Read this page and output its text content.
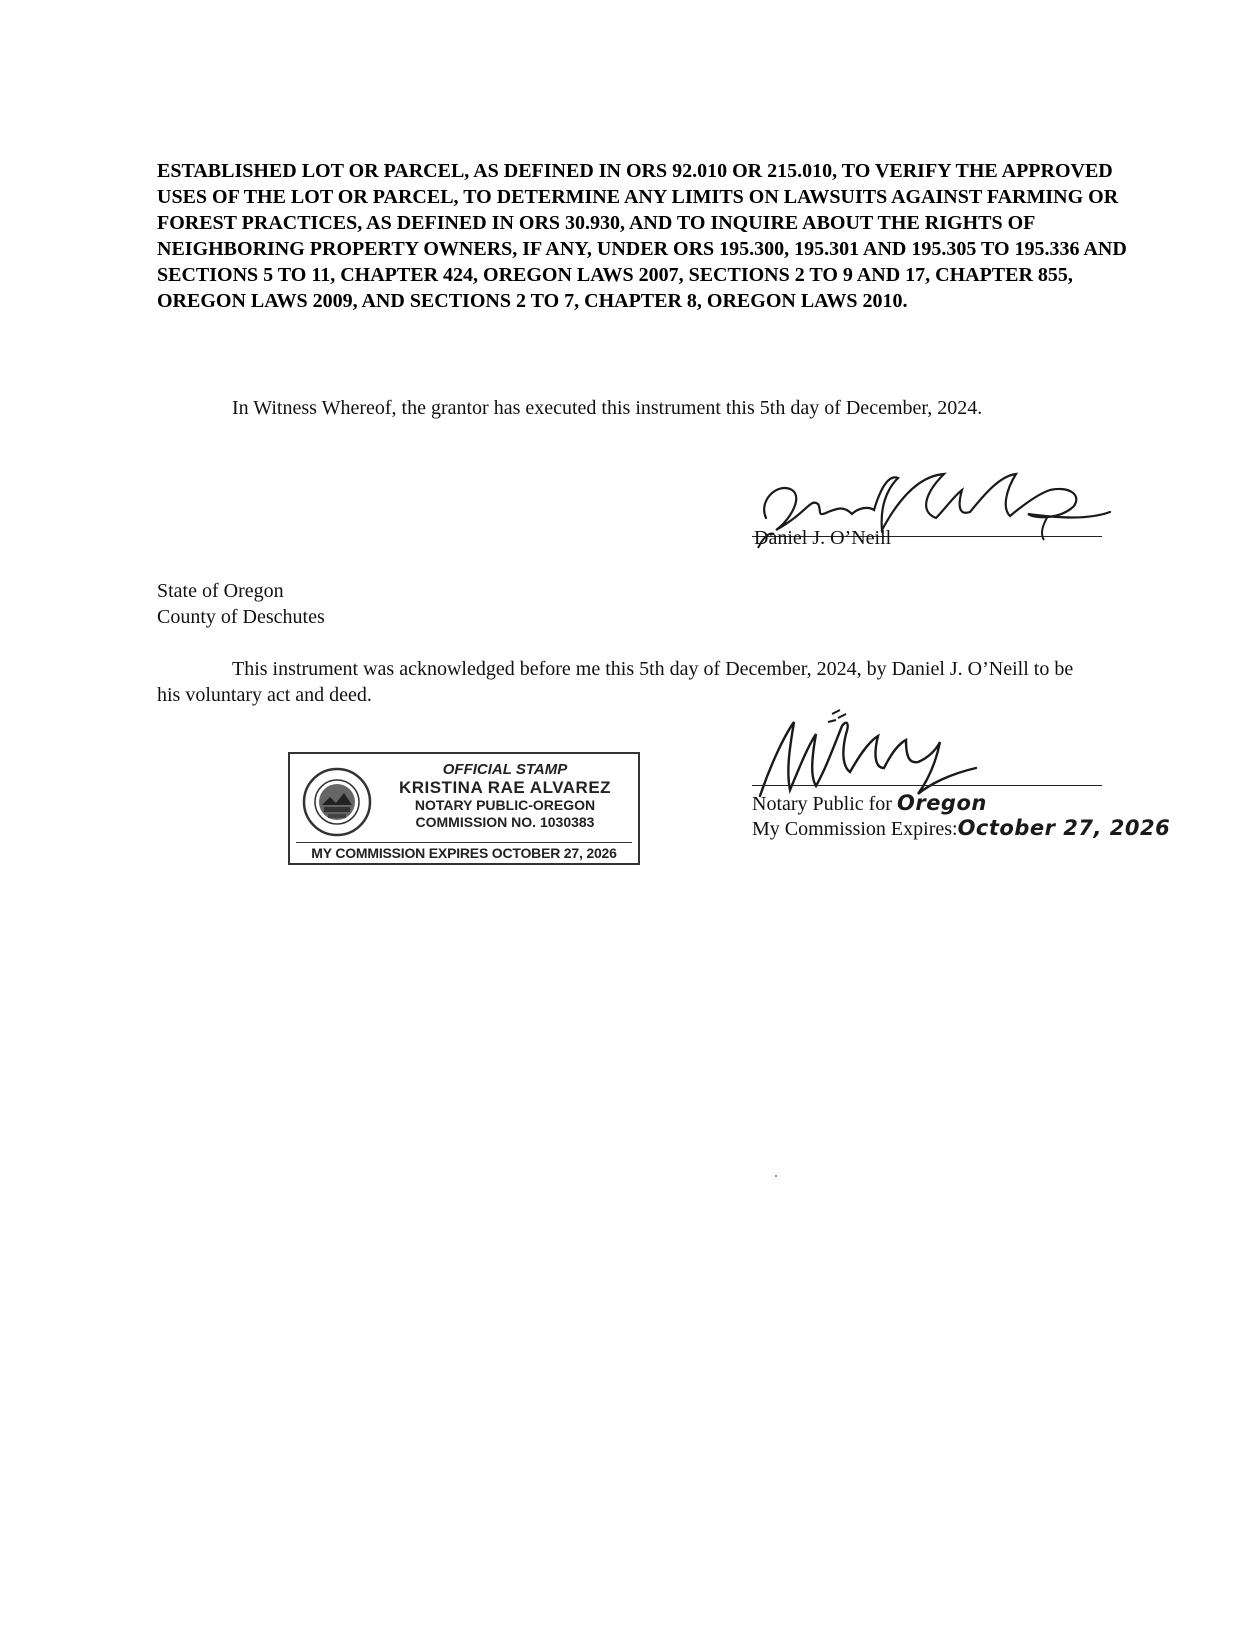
ESTABLISHED LOT OR PARCEL, AS DEFINED IN ORS 92.010 OR 215.010, TO VERIFY THE APPROVED USES OF THE LOT OR PARCEL, TO DETERMINE ANY LIMITS ON LAWSUITS AGAINST FARMING OR FOREST PRACTICES, AS DEFINED IN ORS 30.930, AND TO INQUIRE ABOUT THE RIGHTS OF NEIGHBORING PROPERTY OWNERS, IF ANY, UNDER ORS 195.300, 195.301 AND 195.305 TO 195.336 AND SECTIONS 5 TO 11, CHAPTER 424, OREGON LAWS 2007, SECTIONS 2 TO 9 AND 17, CHAPTER 855, OREGON LAWS 2009, AND SECTIONS 2 TO 7, CHAPTER 8, OREGON LAWS 2010.
In Witness Whereof, the grantor has executed this instrument this 5th day of December, 2024.
Daniel J. O’Neill
State of Oregon
County of Deschutes
This instrument was acknowledged before me this 5th day of December, 2024, by Daniel J. O’Neill to be his voluntary act and deed.
OFFICIAL STAMP
KRISTINA RAE ALVAREZ
NOTARY PUBLIC-OREGON
COMMISSION NO. 1030383
MY COMMISSION EXPIRES OCTOBER 27, 2026
Notary Public for Oregon
My Commission Expires:October 27, 2026
